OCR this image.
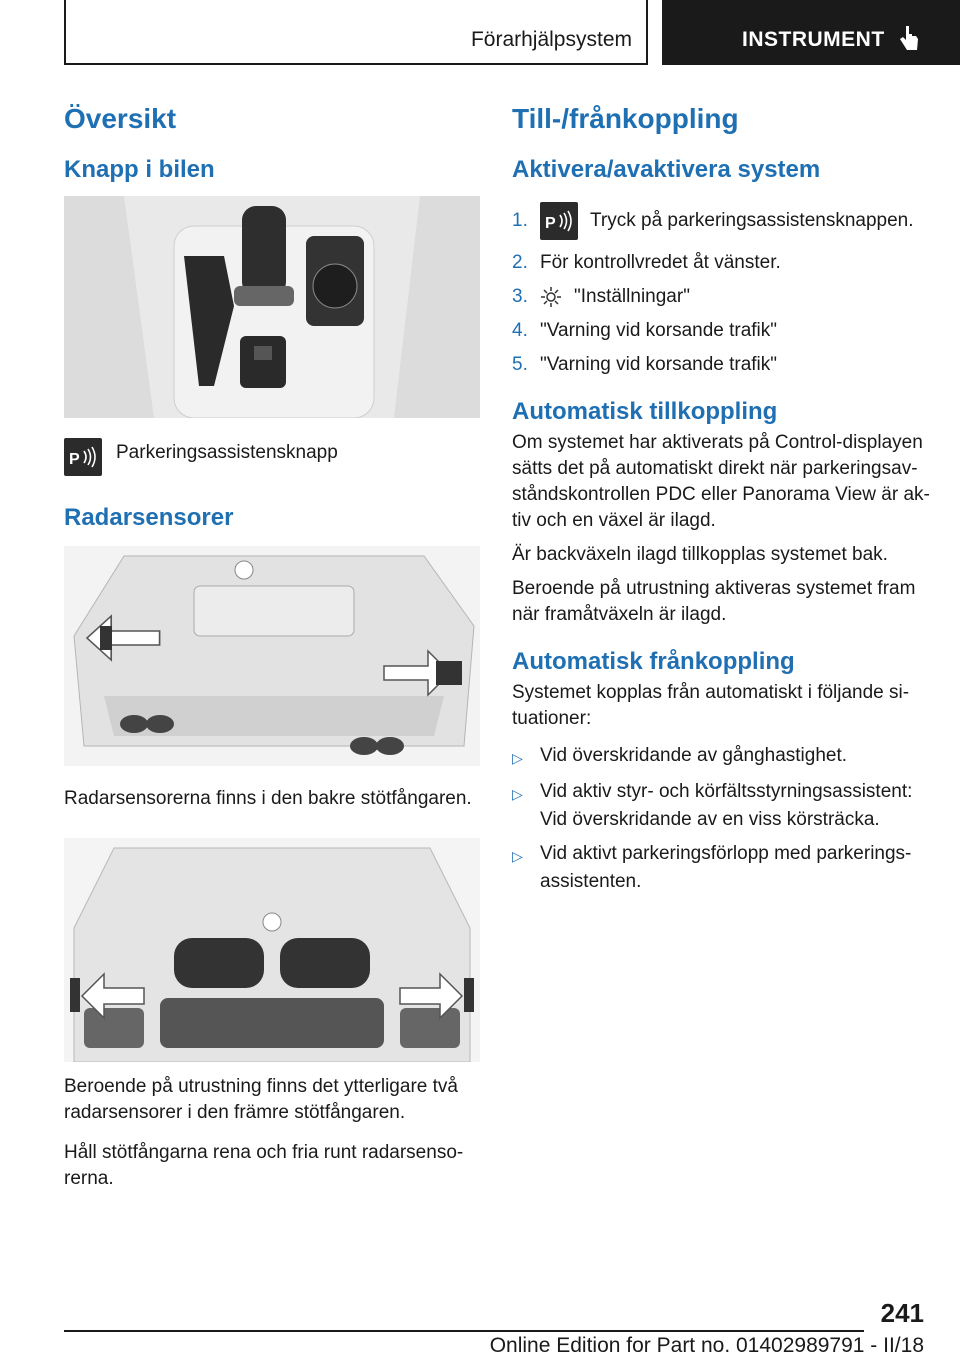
Förarhjälpsystem	INSTRUMENT
Översikt
Knapp i bilen
P Parkeringsassistensknapp
Radarsensorer

Radarsensorerna finns i den bakre stötfångaren.

Beroende på utrustning finns det ytterligare två radarsensorer i den främre stötfångaren.

Håll stötfångarna rena och fria runt radarsenso-rerna.

Till-/frånkoppling
Aktivera/avaktivera system
1.	P Tryck på parkeringsassistensknappen.
2. För kontrollvredet åt vänster.
3.	"Inställningar"
4. "Varning vid korsande trafik"
5. "Varning vid korsande trafik"
Automatisk tillkoppling

Om systemet har aktiverats på Control-displayen sätts det på automatiskt direkt när parkeringsav-ståndskontrollen PDC eller Panorama View är ak-tiv och en växel är ilagd.

Är backväxeln ilagd tillkopplas systemet bak.

Beroende på utrustning aktiveras systemet fram när framåtväxeln är ilagd.

Automatisk frånkoppling

Systemet kopplas från automatiskt i följande si-tuationer:

▷ Vid överskridande av gånghastighet.
▷ Vid aktiv styr- och körfältsstyrningsassistent: Vid överskridande av en viss körsträcka.
▷ Vid aktivt parkeringsförlopp med parkerings-assistenten.
241
Online Edition for Part no. 01402989791 - II/18
